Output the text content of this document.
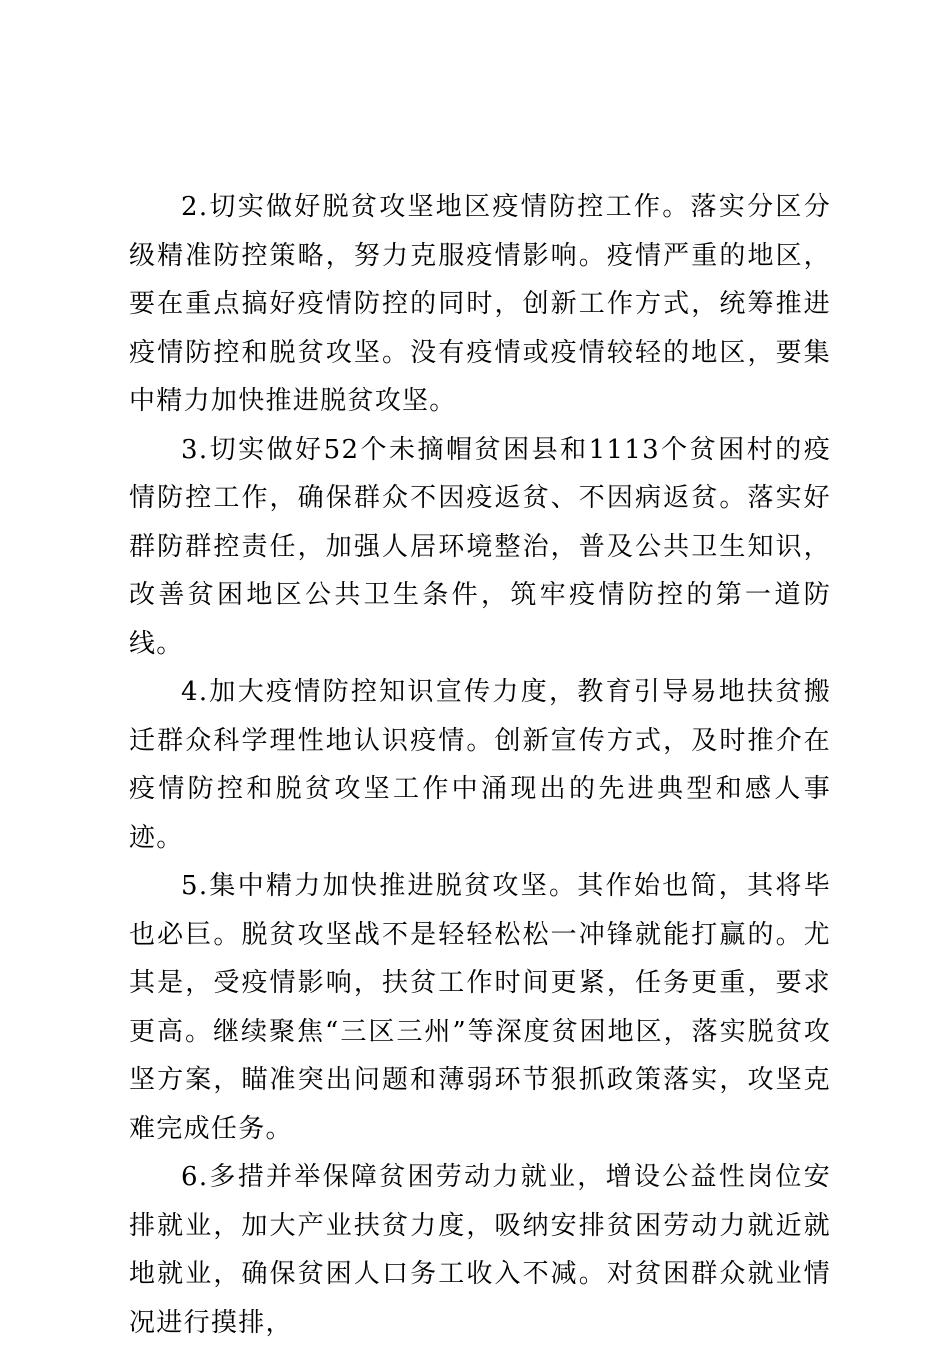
2.切实做好脱贫攻坚地区疫情防控工作。落实分区分级精准防控策略，努力克服疫情影响。疫情严重的地区，要在重点搞好疫情防控的同时，创新工作方式，统筹推进疫情防控和脱贫攻坚。没有疫情或疫情较轻的地区，要集中精力加快推进脱贫攻坚。

3.切实做好52个未摘帽贫困县和1113个贫困村的疫情防控工作，确保群众不因疫返贫、不因病返贫。落实好群防群控责任，加强人居环境整治，普及公共卫生知识，改善贫困地区公共卫生条件，筑牢疫情防控的第一道防线。

4.加大疫情防控知识宣传力度，教育引导易地扶贫搬迁群众科学理性地认识疫情。创新宣传方式，及时推介在疫情防控和脱贫攻坚工作中涌现出的先进典型和感人事迹。

5.集中精力加快推进脱贫攻坚。其作始也简，其将毕也必巨。脱贫攻坚战不是轻轻松松一冲锋就能打赢的。尤其是，受疫情影响，扶贫工作时间更紧，任务更重，要求更高。继续聚焦“三区三州”等深度贫困地区，落实脱贫攻坚方案，瞄准突出问题和薄弱环节狠抓政策落实，攻坚克难完成任务。

6.多措并举保障贫困劳动力就业，增设公益性岗位安排就业，加大产业扶贫力度，吸纳安排贫困劳动力就近就地就业，确保贫困人口务工收入不减。对贫困群众就业情况进行摸排，
